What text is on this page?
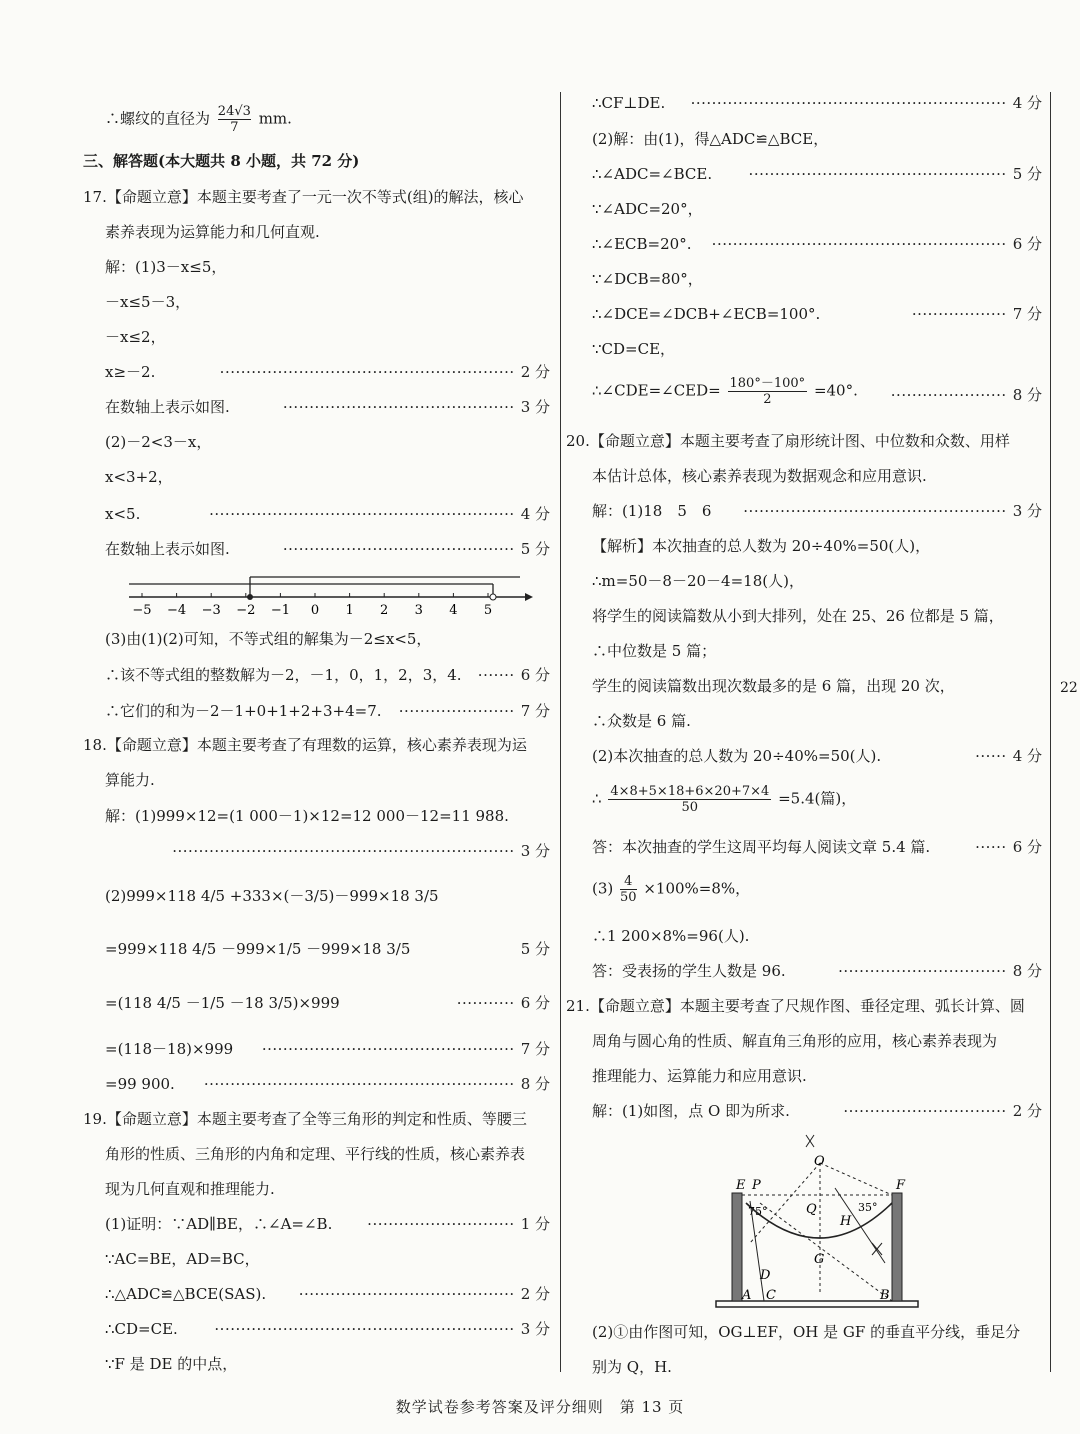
22
∴螺纹的直径为 $\frac{24√3}{7}$ mm.
三、解答题(本大题共 8 小题，共 72 分)
17.【命题立意】本题主要考查了一元一次不等式(组)的解法，核心
素养表现为运算能力和几何直观.
解：(1)3－x≤5，
－x≤5－3，
－x≤2，
x≥－2.	························································ 2 分
在数轴上表示如图.	············································ 3 分
(2)－2<3－x，
x<3+2，
x<5.	·························································· 4 分
在数轴上表示如图.	············································ 5 分
−5 −4 −3 −2 −1 0 1 2 3 4 5
(3)由(1)(2)可知，不等式组的解集为－2≤x<5，
∴该不等式组的整数解为－2，－1，0，1，2，3，4. ······· 6 分
∴它们的和为－2－1+0+1+2+3+4=7. ······················ 7 分
18.【命题立意】本题主要考查了有理数的运算，核心素养表现为运
算能力.
解：(1)999×12=(1 000－1)×12=12 000－12=11 988.
································································· 3 分
(2)999×118 4/5 +333×(－3/5)－999×18 3/5
=999×118 4/5 －999×1/5 －999×18 3/5	5 分
=(118 4/5 －1/5 －18 3/5)×999	··········· 6 分
=(118－18)×999 ················································ 7 分
=99 900. ··························································· 8 分
19.【命题立意】本题主要考查了全等三角形的判定和性质、等腰三
角形的性质、三角形的内角和定理、平行线的性质，核心素养表
现为几何直观和推理能力.
(1)证明：∵AD∥BE，∴∠A=∠B. ···························· 1 分
∵AC=BE，AD=BC，
∴△ADC≌△BCE(SAS). ········································· 2 分
∴CD=CE. ························································· 3 分
∵F 是 DE 的中点，
∴CF⊥DE. ···························································· 4 分
(2)解：由(1)，得△ADC≌△BCE，
∴∠ADC=∠BCE. ················································· 5 分
∵∠ADC=20°，
∴∠ECB=20°. ························································ 6 分
∵∠DCB=80°，
∴∠DCE=∠DCB+∠ECB=100°.	·················· 7 分
∵CD=CE，
∴∠CDE=∠CED= $\frac{180^\circ-100^\circ}{2} =40^\circ$. ······················ 8 分
20.【命题立意】本题主要考查了扇形统计图、中位数和众数、用样
本估计总体，核心素养表现为数据观念和应用意识.
解：(1)18　5　6 ·················································· 3 分
【解析】本次抽查的总人数为 20÷40%=50(人)，
∴m=50－8－20－4=18(人)，
将学生的阅读篇数从小到大排列，处在 25、26 位都是 5 篇，
∴中位数是 5 篇；
学生的阅读篇数出现次数最多的是 6 篇，出现 20 次，
∴众数是 6 篇.
(2)本次抽查的总人数为 20÷40%=50(人).	······ 4 分
∴ $\frac{4\times 8+5\times 18+6\times 20+7\times 4}{50} =5.4$(篇)，
答：本次抽查的学生这周平均每人阅读文章 5.4 篇.	······ 6 分
$(3) \frac{4}{50} \times 100\%=8\%$，
∴1 200×8%=96(人).
答：受表扬的学生人数是 96.	································ 8 分
21.【命题立意】本题主要考查了尺规作图、垂径定理、弧长计算、圆
周角与圆心角的性质、解直角三角形的应用，核心素养表现为
推理能力、运算能力和应用意识.
解：(1)如图，点 O 即为所求.	······························· 2 分
O
E P	F
Q
H
G
D
A C	B
75°	35°
(2)①由作图可知，OG⊥EF，OH 是 GF 的垂直平分线，垂足分
别为 Q，H.
数学试卷参考答案及评分细则　第 13 页
